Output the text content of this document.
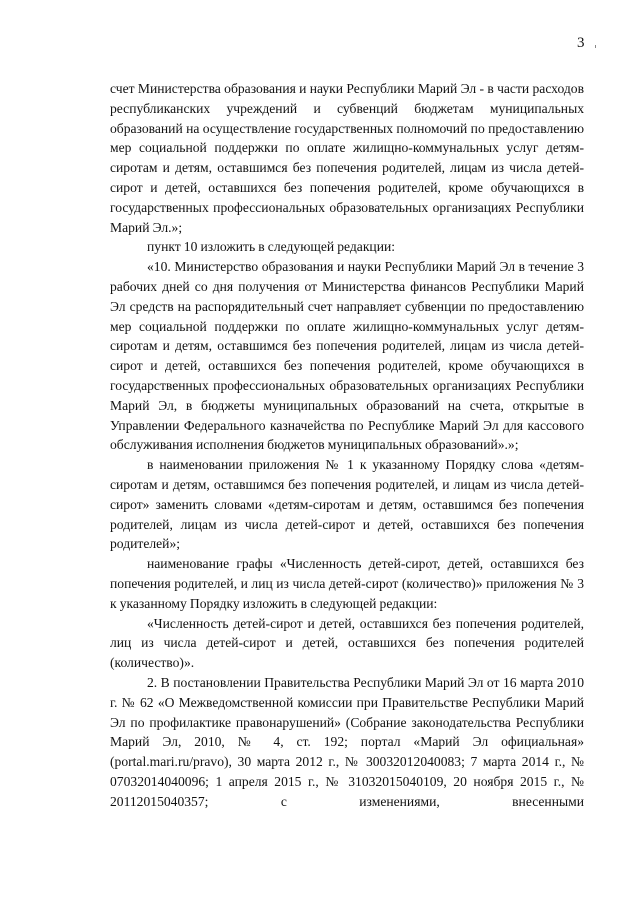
3

счет Министерства образования и науки Республики Марий Эл - в части расходов республиканских учреждений и субвенций бюджетам муниципальных образований на осуществление государственных полномочий по предоставлению мер социальной поддержки по оплате жилищно-коммунальных услуг детям-сиротам и детям, оставшимся без попечения родителей, лицам из числа детей-сирот и детей, оставшихся без попечения родителей, кроме обучающихся в государственных профессиональных образовательных организациях Республики Марий Эл.»;

пункт 10 изложить в следующей редакции:

«10. Министерство образования и науки Республики Марий Эл в течение 3 рабочих дней со дня получения от Министерства финансов Республики Марий Эл средств на распорядительный счет направляет субвенции по предоставлению мер социальной поддержки по оплате жилищно-коммунальных услуг детям-сиротам и детям, оставшимся без попечения родителей, лицам из числа детей-сирот и детей, оставшихся без попечения родителей, кроме обучающихся в государственных профессиональных образовательных организациях Республики Марий Эл, в бюджеты муниципальных образований на счета, открытые в Управлении Федерального казначейства по Республике Марий Эл для кассового обслуживания исполнения бюджетов муниципальных образований».»;

в наименовании приложения № 1 к указанному Порядку слова «детям-сиротам и детям, оставшимся без попечения родителей, и лицам из числа детей-сирот» заменить словами «детям-сиротам и детям, оставшимся без попечения родителей, лицам из числа детей-сирот и детей, оставшихся без попечения родителей»;

наименование графы «Численность детей-сирот, детей, оставшихся без попечения родителей, и лиц из числа детей-сирот (количество)» приложения № 3 к указанному Порядку изложить в следующей редакции:

«Численность детей-сирот и детей, оставшихся без попечения родителей, лиц из числа детей-сирот и детей, оставшихся без попечения родителей (количество)».

2. В постановлении Правительства Республики Марий Эл от 16 марта 2010 г. № 62 «О Межведомственной комиссии при Правительстве Республики Марий Эл по профилактике правонарушений» (Собрание законодательства Республики Марий Эл, 2010, № 4, ст. 192; портал «Марий Эл официальная» (portal.mari.ru/pravo), 30 марта 2012 г., № 30032012040083; 7 марта 2014 г., № 07032014040096; 1 апреля 2015 г., № 31032015040109, 20 ноября 2015 г., № 20112015040357; с изменениями, внесенными
